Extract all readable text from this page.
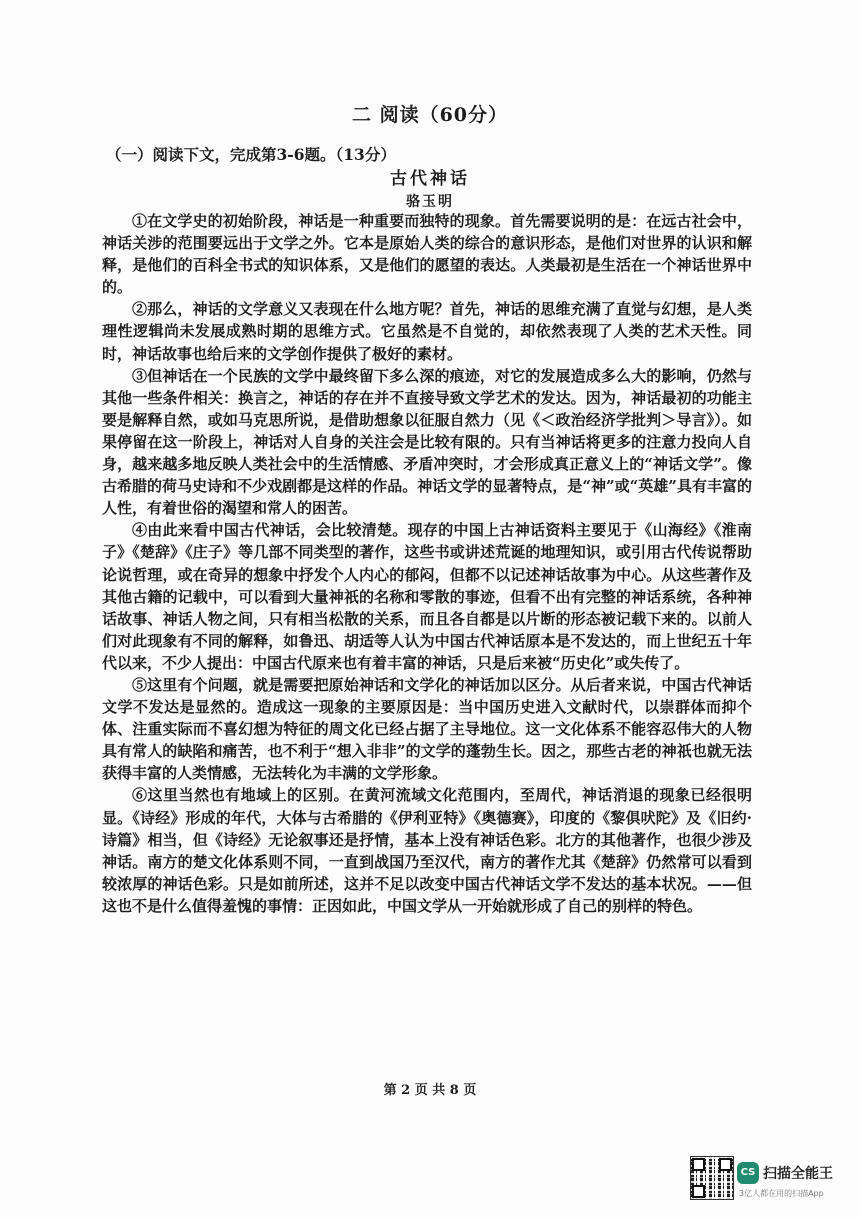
二 阅读（60分）
（一）阅读下文，完成第3-6题。（13分）
古代神话
骆玉明

①在文学史的初始阶段，神话是一种重要而独特的现象。首先需要说明的是：在远古社会中，神话关涉的范围要远出于文学之外。它本是原始人类的综合的意识形态，是他们对世界的认识和解释，是他们的百科全书式的知识体系，又是他们的愿望的表达。人类最初是生活在一个神话世界中的。

②那么，神话的文学意义又表现在什么地方呢？首先，神话的思维充满了直觉与幻想，是人类理性逻辑尚未发展成熟时期的思维方式。它虽然是不自觉的，却依然表现了人类的艺术天性。同时，神话故事也给后来的文学创作提供了极好的素材。

③但神话在一个民族的文学中最终留下多么深的痕迹，对它的发展造成多么大的影响，仍然与其他一些条件相关：换言之，神话的存在并不直接导致文学艺术的发达。因为，神话最初的功能主要是解释自然，或如马克思所说，是借助想象以征服自然力（见《＜政治经济学批判＞导言》）。如果停留在这一阶段上，神话对人自身的关注会是比较有限的。只有当神话将更多的注意力投向人自身，越来越多地反映人类社会中的生活情感、矛盾冲突时，才会形成真正意义上的“神话文学”。像古希腊的荷马史诗和不少戏剧都是这样的作品。神话文学的显著特点，是“神”或“英雄”具有丰富的人性，有着世俗的渴望和常人的困苦。

④由此来看中国古代神话，会比较清楚。现存的中国上古神话资料主要见于《山海经》《淮南子》《楚辞》《庄子》等几部不同类型的著作，这些书或讲述荒诞的地理知识，或引用古代传说帮助论说哲理，或在奇异的想象中抒发个人内心的郁闷，但都不以记述神话故事为中心。从这些著作及其他古籍的记载中，可以看到大量神祇的名称和零散的事迹，但看不出有完整的神话系统，各种神话故事、神话人物之间，只有相当松散的关系，而且各自都是以片断的形态被记载下来的。以前人们对此现象有不同的解释，如鲁迅、胡适等人认为中国古代神话原本是不发达的，而上世纪五十年代以来，不少人提出：中国古代原来也有着丰富的神话，只是后来被“历史化”或失传了。

⑤这里有个问题，就是需要把原始神话和文学化的神话加以区分。从后者来说，中国古代神话文学不发达是显然的。造成这一现象的主要原因是：当中国历史进入文献时代，以崇群体而抑个体、注重实际而不喜幻想为特征的周文化已经占据了主导地位。这一文化体系不能容忍伟大的人物具有常人的缺陷和痛苦，也不利于“想入非非”的文学的蓬勃生长。因之，那些古老的神祇也就无法获得丰富的人类情感，无法转化为丰满的文学形象。

⑥这里当然也有地域上的区别。在黄河流域文化范围内，至周代，神话消退的现象已经很明显。《诗经》形成的年代，大体与古希腊的《伊利亚特》《奥德赛》，印度的《黎俱吠陀》及《旧约·诗篇》相当，但《诗经》无论叙事还是抒情，基本上没有神话色彩。北方的其他著作，也很少涉及神话。南方的楚文化体系则不同，一直到战国乃至汉代，南方的著作尤其《楚辞》仍然常可以看到较浓厚的神话色彩。只是如前所述，这并不足以改变中国古代神话文学不发达的基本状况。——但这也不是什么值得羞愧的事情：正因如此，中国文学从一开始就形成了自己的别样的特色。

第 2 页 共 8 页
CS 扫描全能王
3亿人都在用的扫描App
